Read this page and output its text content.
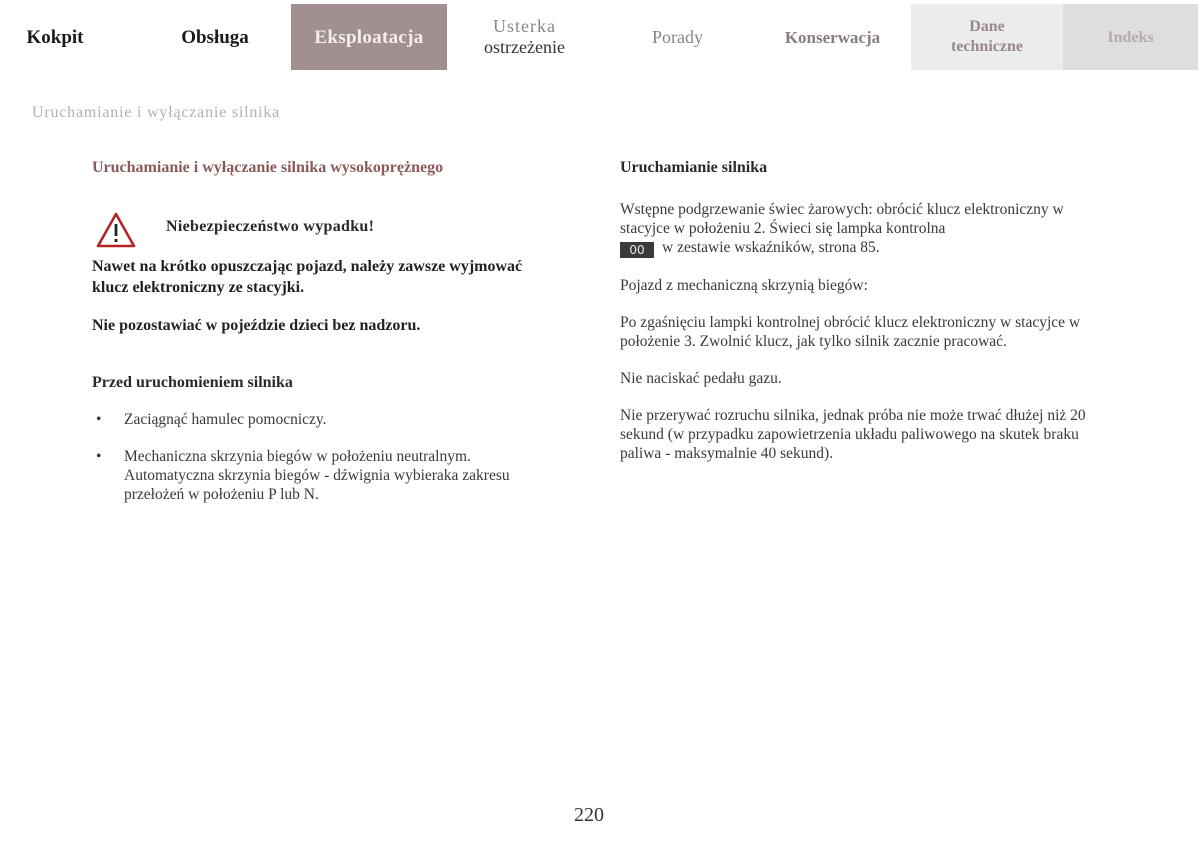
Kokpit	Obsługa	Eksploatacja
Usterka
ostrzeżenie
Porady	Konserwacja
Dane
techniczne
Indeks
Uruchamianie i wyłączanie silnika
Uruchamianie i wyłączanie silnika wysokoprężnego
Niebezpieczeństwo wypadku!

Nawet na krótko opuszczając pojazd, należy zawsze wyjmować klucz elektroniczny ze stacyjki.

Nie pozostawiać w pojeździe dzieci bez nadzoru.

Przed uruchomieniem silnika
• Zaciągnąć hamulec pomocniczy.
• Mechaniczna skrzynia biegów w położeniu neutralnym. Automatyczna skrzynia biegów - dźwignia wybieraka zakresu przełożeń w położeniu P lub N.
Uruchamianie silnika

Wstępne podgrzewanie świec żarowych: obrócić klucz elektroniczny w stacyjce w położeniu 2. Świeci się lampka kontrolna
00 w zestawie wskaźników, strona 85.

Pojazd z mechaniczną skrzynią biegów:

Po zgaśnięciu lampki kontrolnej obrócić klucz elektroniczny w stacyjce w położenie 3. Zwolnić klucz, jak tylko silnik zacznie pracować.

Nie naciskać pedału gazu.

Nie przerywać rozruchu silnika, jednak próba nie może trwać dłużej niż 20 sekund (w przypadku zapowietrzenia układu paliwowego na skutek braku paliwa - maksymalnie 40 sekund).

220
